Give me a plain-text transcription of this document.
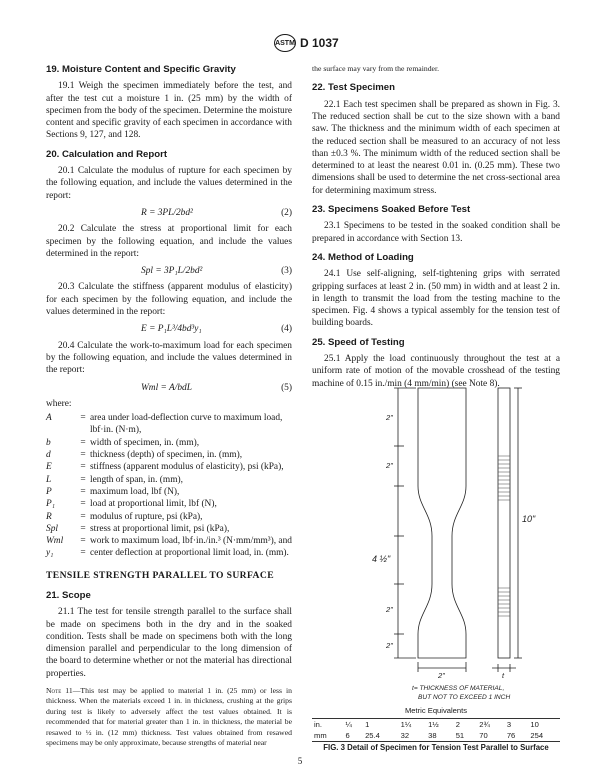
ASTM D 1037
19. Moisture Content and Specific Gravity

19.1 Weigh the specimen immediately before the test, and after the test cut a moisture 1 in. (25 mm) by the width of specimen from the body of the specimen. Determine the moisture content and specific gravity of each specimen in accordance with Sections 9, 127, and 128.

20. Calculation and Report

20.1 Calculate the modulus of rupture for each specimen by the following equation, and include the values determined in the report:

R = 3PL/2bd²	(2)

20.2 Calculate the stress at proportional limit for each specimen by the following equation, and include the values determined in the report:

Spl = 3P₁L/2bd²	(3)

20.3 Calculate the stiffness (apparent modulus of elasticity) for each specimen by the following equation, and include the values determined in the report:

E = P₁L³/4bd³y₁	(4)

20.4 Calculate the work-to-maximum load for each specimen by the following equation, and include the values determined in the report:

Wml = A/bdL	(5)
where:
A	=	area under load-deflection curve to maximum load, lbf·in. (N·m),
b	=	width of specimen, in. (mm),
d	=	thickness (depth) of specimen, in. (mm),
E	=	stiffness (apparent modulus of elasticity), psi (kPa),
L	=	length of span, in. (mm),
P	=	maximum load, lbf (N),
P₁	=	load at proportional limit, lbf (N),
R	=	modulus of rupture, psi (kPa),
Spl	=	stress at proportional limit, psi (kPa),
Wml	=	work to maximum load, lbf·in./in.³ (N·mm/mm³), and
y₁	=	center deflection at proportional limit load, in. (mm).
TENSILE STRENGTH PARALLEL TO SURFACE
21. Scope

21.1 The test for tensile strength parallel to the surface shall be made on specimens both in the dry and in the soaked condition. Tests shall be made on specimens both with the long dimension parallel and perpendicular to the long dimension of the board to determine whether or not the material has directional properties.

Note 11—This test may be applied to material 1 in. (25 mm) or less in thickness. When the materials exceed 1 in. in thickness, crushing at the grips during test is likely to adversely affect the test values obtained. It is recommended that for material greater than 1 in. in thickness, the material be resawed to ½ in. (12 mm) thickness. Test values obtained from resawed specimens may be only approximate, because strengths of material near
the surface may vary from the remainder.
22. Test Specimen

22.1 Each test specimen shall be prepared as shown in Fig. 3. The reduced section shall be cut to the size shown with a band saw. The thickness and the minimum width of each specimen at the reduced section shall be measured to an accuracy of not less than ±0.3 %. The minimum width of the reduced section shall be determined to at least the nearest 0.01 in. (0.25 mm). These two dimensions shall be used to determine the net cross-sectional area for determining maximum stress.

23. Specimens Soaked Before Test

23.1 Specimens to be tested in the soaked condition shall be prepared in accordance with Section 13.

24. Method of Loading

24.1 Use self-aligning, self-tightening grips with serrated gripping surfaces at least 2 in. (50 mm) in width and at least 2 in. in length to transmit the load from the testing machine to the specimen. Fig. 4 shows a typical assembly for the tension test of building boards.

25. Speed of Testing

25.1 Apply the load continuously throughout the test at a uniform rate of motion of the movable crosshead of the testing machine of 0.15 in./min (4 mm/min) (see Note 8).

2"
2"
4 ½"
2"
2"
10"
2"	t
t= THICKNESS OF MATERIAL,
BUT NOT TO EXCEED 1 INCH
Metric Equivalents
in.	¼	1	1¼	1½	2	2¾	3	10
mm	6	25.4	32	38	51	70	76	254
FIG. 3 Detail of Specimen for Tension Test Parallel to Surface
5
